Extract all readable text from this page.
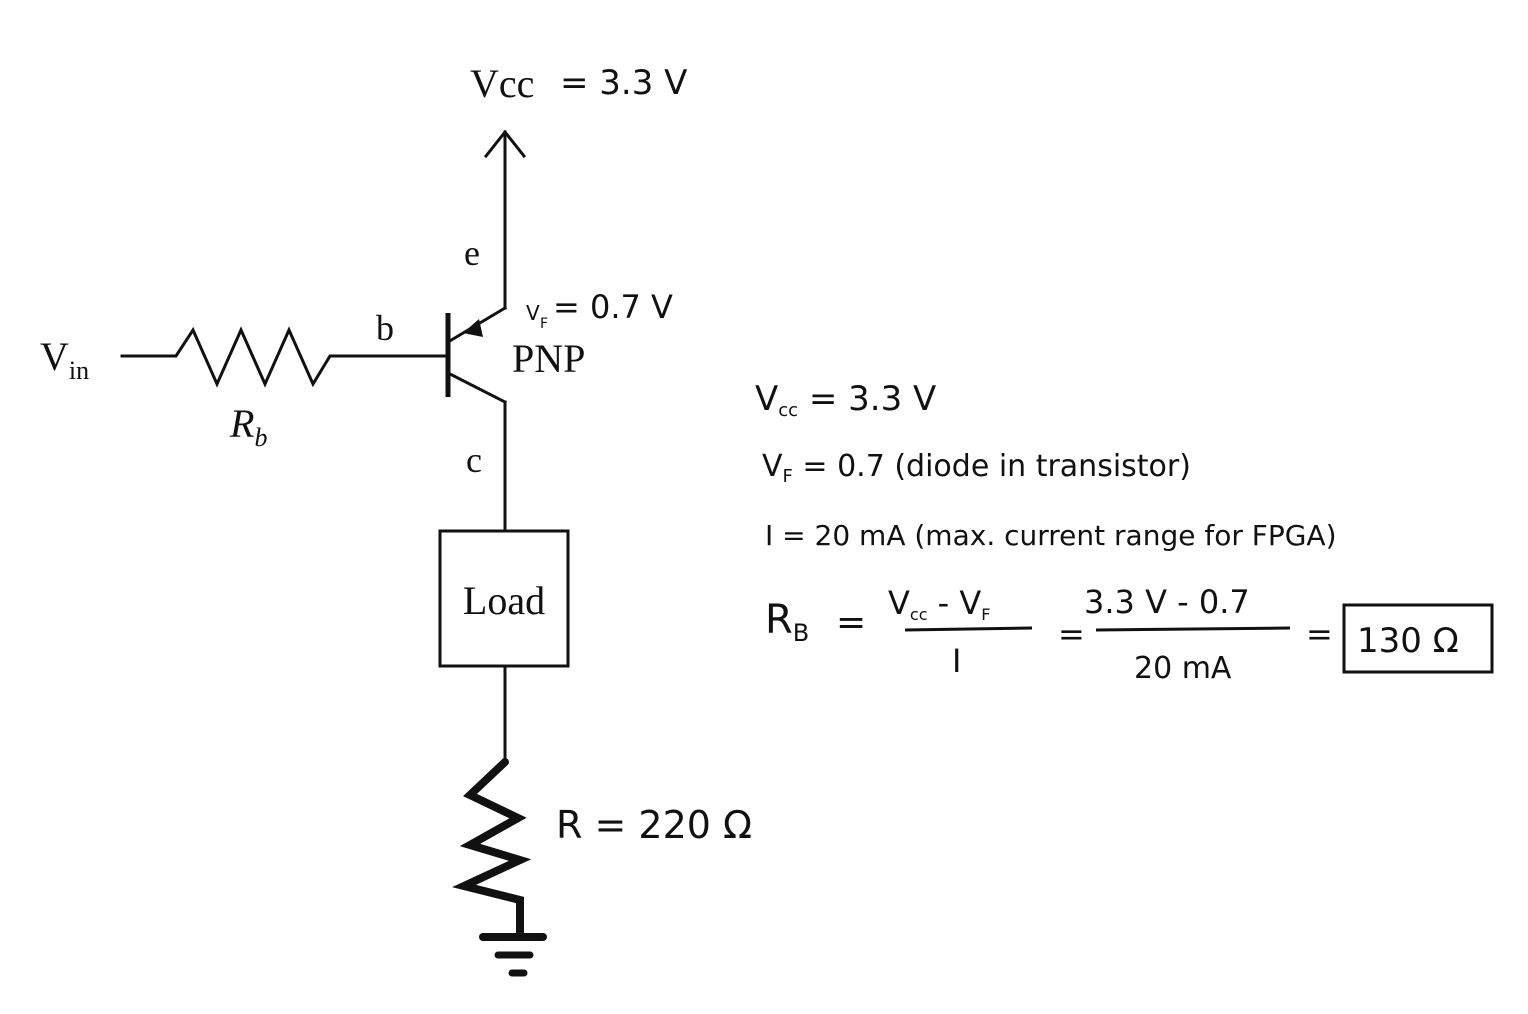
Vcc = 3.3 V
e
V F = 0.7 V
PNP
b
$V_{in}$
$R_b$
c
Load
R = 220 Ω
Vcc = 3.3 V
$V_F = 0.7$ (diode in transistor)
I = 20 mA (max. current range for FPGA)
$R_B$ = Vcc - VF
I
=
3.3 V - 0.7
20 mA
= 130 Ω
